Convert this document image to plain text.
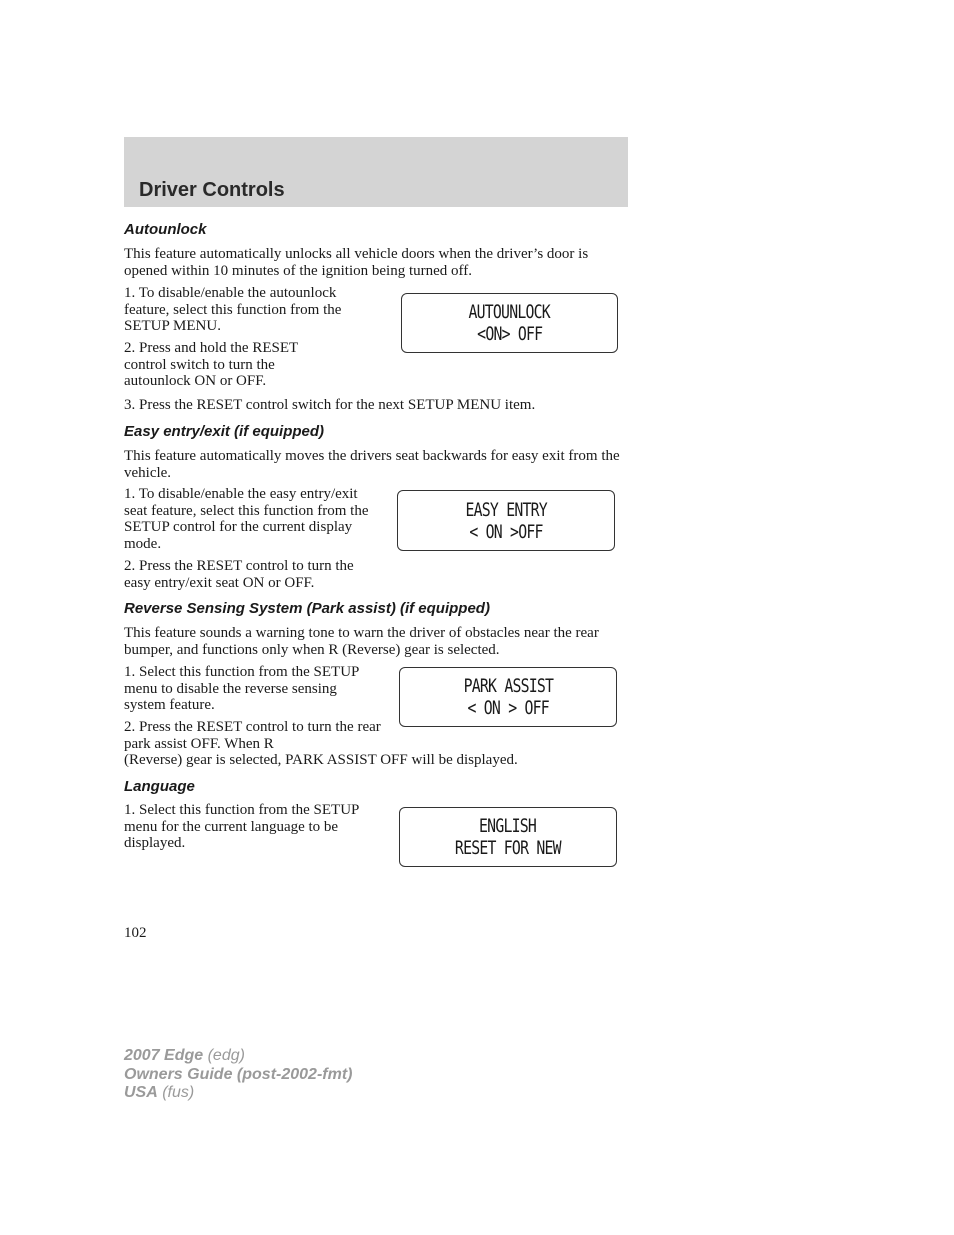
Driver Controls
Autounlock

This feature automatically unlocks all vehicle doors when the driver’s door is opened within 10 minutes of the ignition being turned off.

1. To disable/enable the autounlock feature, select this function from the SETUP MENU.

2. Press and hold the RESET control switch to turn the autounlock ON or OFF.

3. Press the RESET control switch for the next SETUP MENU item.

AUTOUNLOCK
<ON> OFF
Easy entry/exit (if equipped)

This feature automatically moves the drivers seat backwards for easy exit from the vehicle.

1. To disable/enable the easy entry/exit seat feature, select this function from the SETUP control for the current display mode.

2. Press the RESET control to turn the easy entry/exit seat ON or OFF.

EASY ENTRY
< ON >OFF
Reverse Sensing System (Park assist) (if equipped)

This feature sounds a warning tone to warn the driver of obstacles near the rear bumper, and functions only when R (Reverse) gear is selected.

1. Select this function from the SETUP menu to disable the reverse sensing system feature.

2. Press the RESET control to turn the rear park assist OFF. When R

(Reverse) gear is selected, PARK ASSIST OFF will be displayed.

PARK ASSIST
< ON > OFF
Language

1. Select this function from the SETUP menu for the current language to be displayed.

ENGLISH
RESET FOR NEW
102
2007 Edge (edg)
Owners Guide (post-2002-fmt)
USA (fus)
